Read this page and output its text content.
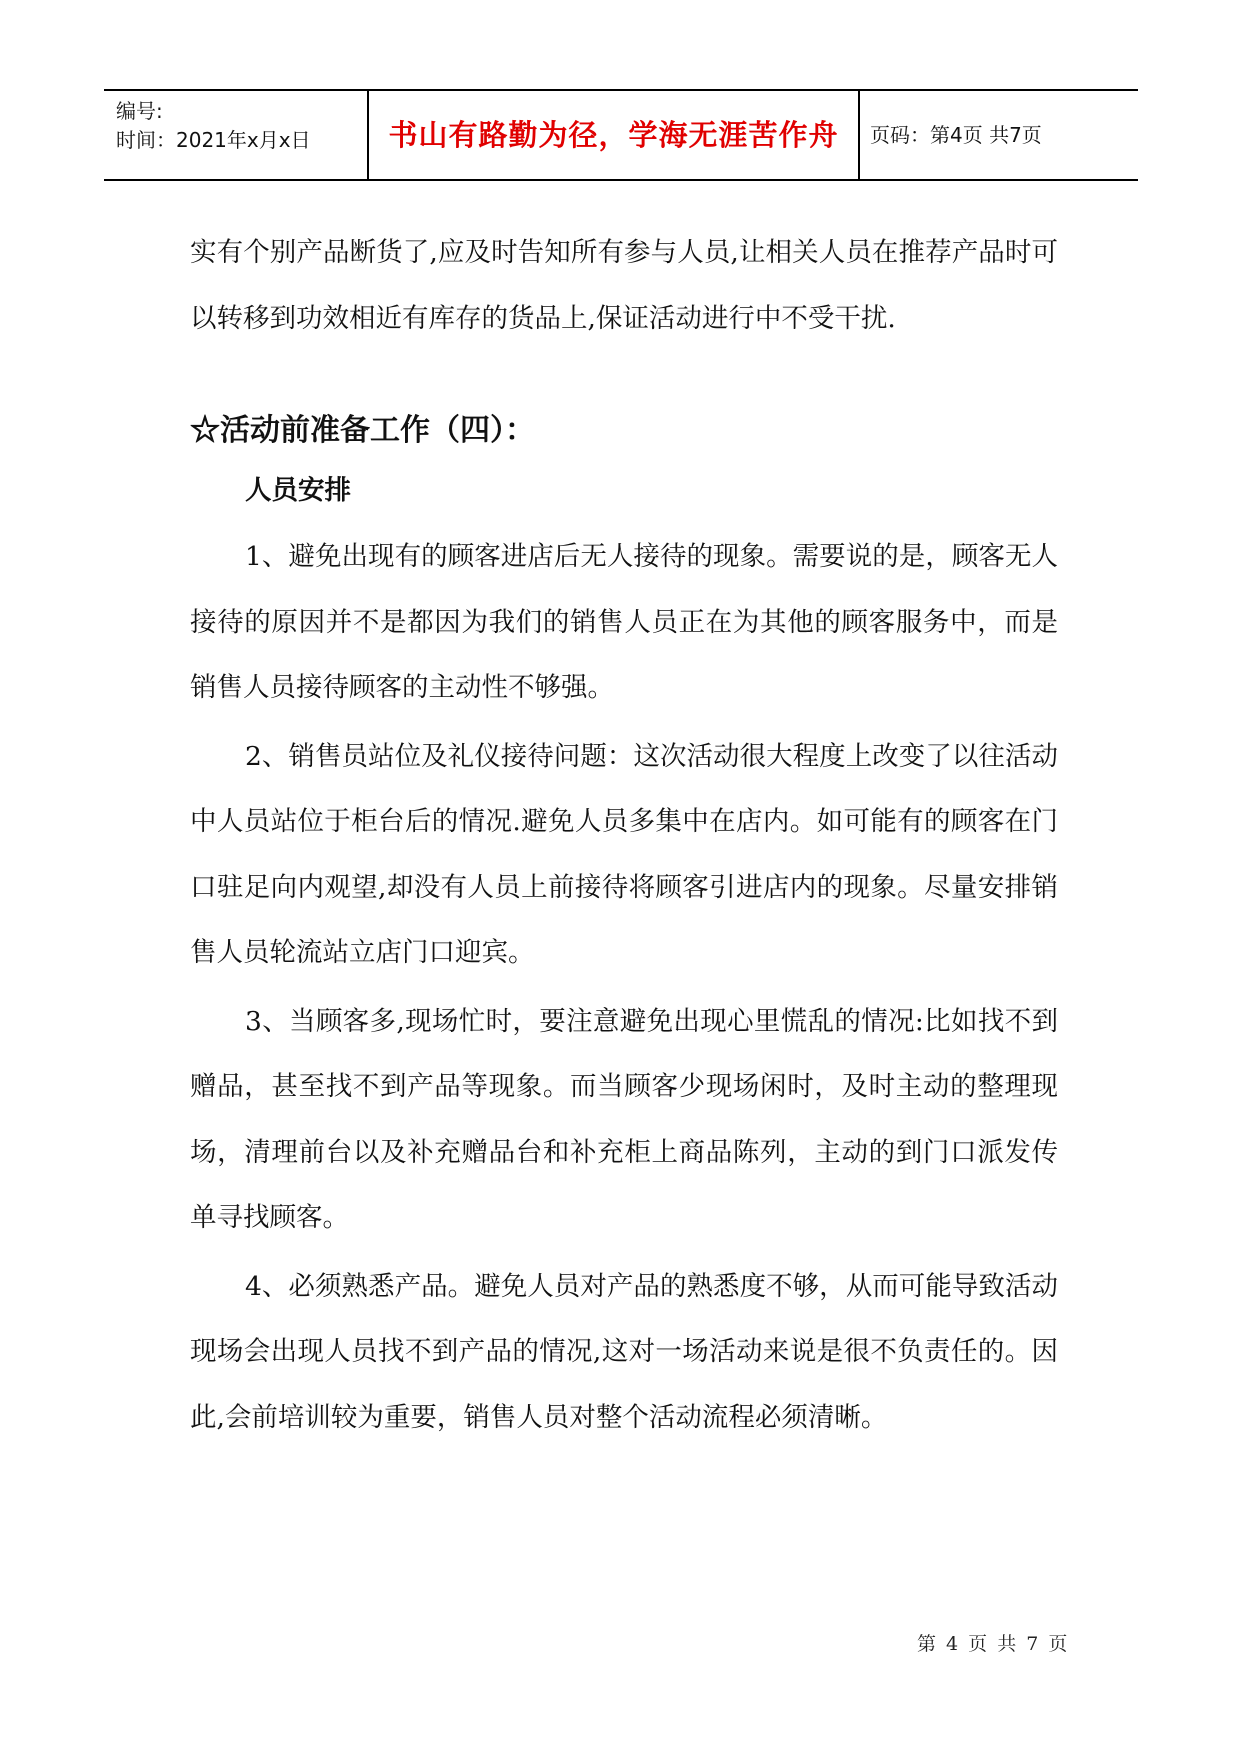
编号:
时间：2021年x月x日	书山有路勤为径，学海无涯苦作舟	页码：第4页 共7页

实有个别产品断货了,应及时告知所有参与人员,让相关人员在推荐产品时可以转移到功效相近有库存的货品上,保证活动进行中不受干扰.

☆活动前准备工作（四）：
人员安排

1、避免出现有的顾客进店后无人接待的现象。需要说的是，顾客无人接待的原因并不是都因为我们的销售人员正在为其他的顾客服务中，而是销售人员接待顾客的主动性不够强。

2、销售员站位及礼仪接待问题：这次活动很大程度上改变了以往活动中人员站位于柜台后的情况.避免人员多集中在店内。如可能有的顾客在门口驻足向内观望,却没有人员上前接待将顾客引进店内的现象。尽量安排销售人员轮流站立店门口迎宾。

3、当顾客多,现场忙时，要注意避免出现心里慌乱的情况:比如找不到赠品，甚至找不到产品等现象。而当顾客少现场闲时，及时主动的整理现场，清理前台以及补充赠品台和补充柜上商品陈列，主动的到门口派发传单寻找顾客。

4、必须熟悉产品。避免人员对产品的熟悉度不够，从而可能导致活动现场会出现人员找不到产品的情况,这对一场活动来说是很不负责任的。因此,会前培训较为重要，销售人员对整个活动流程必须清晰。

第 4 页 共 7 页
